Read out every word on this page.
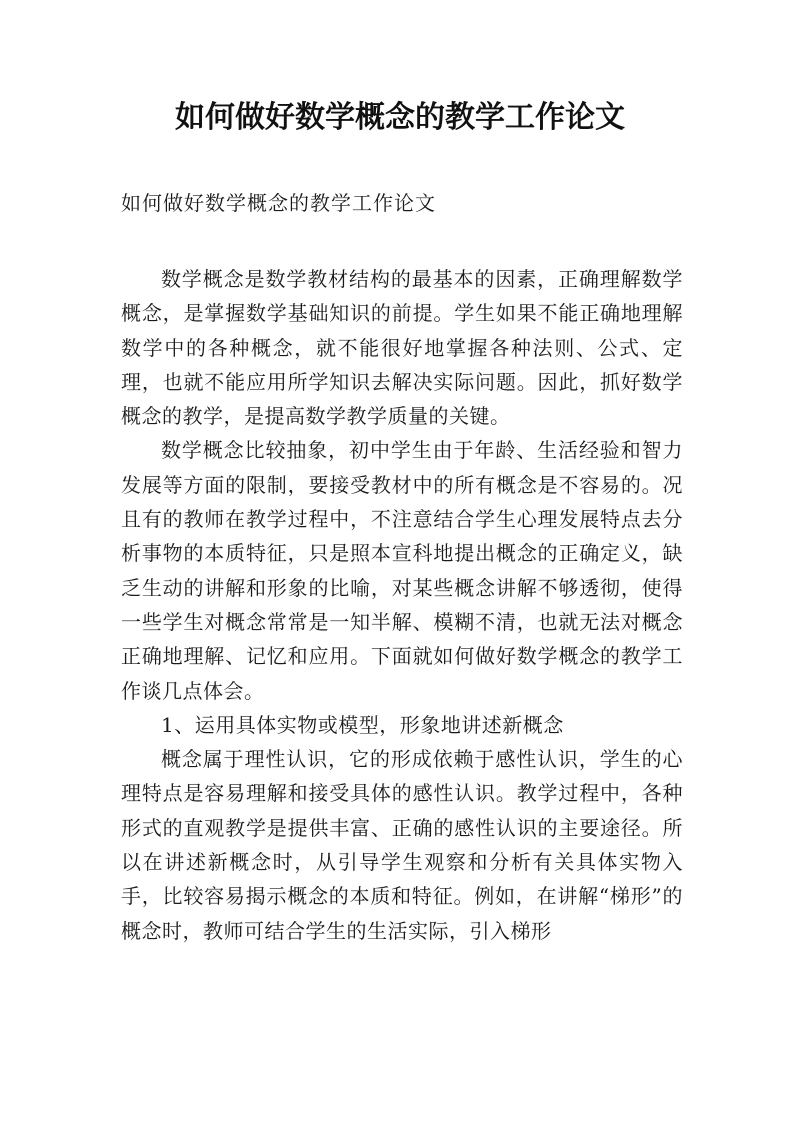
如何做好数学概念的教学工作论文
如何做好数学概念的教学工作论文

数学概念是数学教材结构的最基本的因素，正确理解数学概念，是掌握数学基础知识的前提。学生如果不能正确地理解数学中的各种概念，就不能很好地掌握各种法则、公式、定理，也就不能应用所学知识去解决实际问题。因此，抓好数学概念的教学，是提高数学教学质量的关键。

数学概念比较抽象，初中学生由于年龄、生活经验和智力发展等方面的限制，要接受教材中的所有概念是不容易的。况且有的教师在教学过程中，不注意结合学生心理发展特点去分析事物的本质特征，只是照本宣科地提出概念的正确定义，缺乏生动的讲解和形象的比喻，对某些概念讲解不够透彻，使得一些学生对概念常常是一知半解、模糊不清，也就无法对概念正确地理解、记忆和应用。下面就如何做好数学概念的教学工作谈几点体会。

1、运用具体实物或模型，形象地讲述新概念

概念属于理性认识，它的形成依赖于感性认识，学生的心理特点是容易理解和接受具体的感性认识。教学过程中，各种形式的直观教学是提供丰富、正确的感性认识的主要途径。所以在讲述新概念时，从引导学生观察和分析有关具体实物入手，比较容易揭示概念的本质和特征。例如，在讲解“梯形”的概念时，教师可结合学生的生活实际，引入梯形
